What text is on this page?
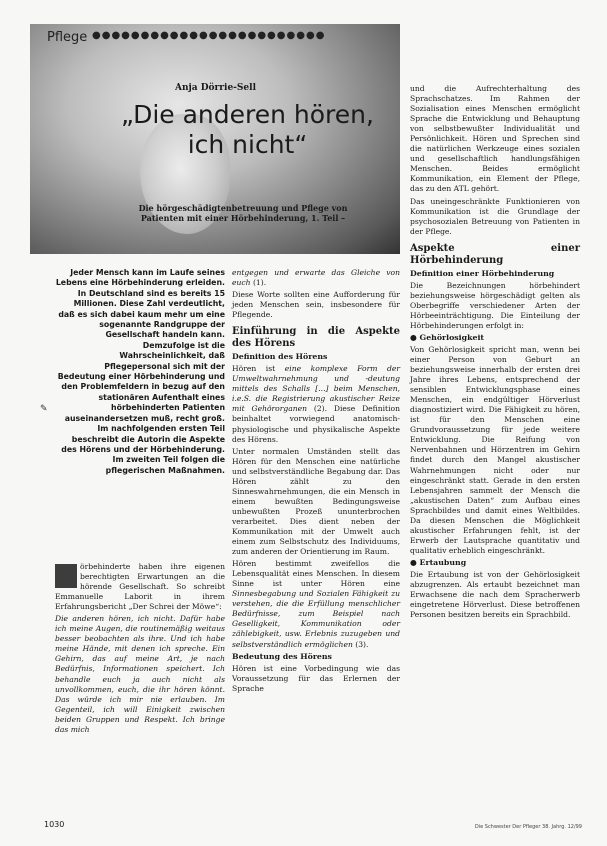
Pflege ●●●●●●●●●●●●●●●●●●●●●●●●
Anja Dörrie-Sell
„Die anderen hören,
ich nicht“
Die hörgeschädigtenbetreuung und Pflege von Patienten mit einer Hörbehinderung, 1. Teil –
✎
Jeder Mensch kann im Laufe seines Lebens eine Hörbehinderung erleiden. In Deutschland sind es bereits 15 Millionen. Diese Zahl verdeutlicht, daß es sich dabei kaum mehr um eine sogenannte Randgruppe der Gesellschaft handeln kann. Demzufolge ist die Wahrscheinlichkeit, daß Pflegepersonal sich mit der Bedeutung einer Hörbehinderung und den Problemfeldern in bezug auf den stationären Aufenthalt eines hörbehinderten Patienten auseinandersetzen muß, recht groß. Im nachfolgenden ersten Teil beschreibt die Autorin die Aspekte des Hörens und der Hörbehinderung. Im zweiten Teil folgen die pflegerischen Maßnahmen.

örbehinderte haben ihre eigenen berechtigten Erwartungen an die hörende Gesellschaft. So schreibt Emmanuelle Laborit in ihrem Erfahrungsbericht „Der Schrei der Möwe“:

Die anderen hören, ich nicht. Dafür habe ich meine Augen, die routinemäßig weitaus besser beobachten als ihre. Und ich habe meine Hände, mit denen ich spreche. Ein Gehirn, das auf meine Art, je nach Bedürfnis, Informationen speichert. Ich behandle euch ja auch nicht als unvollkommen, euch, die ihr hören könnt. Das würde ich mir nie erlauben. Im Gegenteil, ich will Einigkeit zwischen beiden Gruppen und Respekt. Ich bringe das mich

entgegen und erwarte das Gleiche von euch (1).

Diese Worte sollten eine Aufforderung für jeden Menschen sein, insbesondere für Pflegende.

Einführung in die Aspekte des Hörens
Definition des Hörens

Hören ist eine komplexe Form der Umweltwahrnehmung und -deutung mittels des Schalls [...] beim Menschen, i.e.S. die Registrierung akustischer Reize mit Gehörorganen (2). Diese Definition beinhaltet vorwiegend anatomisch-physiologische und physikalische Aspekte des Hörens.

Unter normalen Umständen stellt das Hören für den Menschen eine natürliche und selbstverständliche Begabung dar. Das Hören zählt zu den Sinneswahrnehmungen, die ein Mensch in einem bewußten Bedingungsweise unbewußten Prozeß ununterbrochen verarbeitet. Dies dient neben der Kommunikation mit der Umwelt auch einem zum Selbstschutz des Individuums, zum anderen der Orientierung im Raum.

Hören bestimmt zweifellos die Lebensqualität eines Menschen. In diesem Sinne ist unter Hören eine Sinnesbegabung und Sozialen Fähigkeit zu verstehen, die die Erfüllung menschlicher Bedürfnisse, zum Beispiel nach Geselligkeit, Kommunikation oder zählebigkeit, usw. Erlebnis zuzugeben und selbstverständlich ermöglichen (3).

Bedeutung des Hörens

Hören ist eine Vorbedingung wie das Voraussetzung für das Erlernen der Sprache

und die Aufrechterhaltung des Sprachschatzes. Im Rahmen der Sozialisation eines Menschen ermöglicht Sprache die Entwicklung und Behauptung von selbstbewußter Individualität und Persönlichkeit. Hören und Sprechen sind die natürlichen Werkzeuge eines sozialen und gesellschaftlich handlungsfähigen Menschen. Beides ermöglicht Kommunikation, ein Element der Pflege, das zu den ATL gehört.

Das uneingeschränkte Funktionieren von Kommunikation ist die Grundlage der psychosozialen Betreuung von Patienten in der Pflege.

Aspekte einer Hörbehinderung
Definition einer Hörbehinderung

Die Bezeichnungen hörbehindert beziehungsweise hörgeschädigt gelten als Oberbegriffe verschiedener Arten der Hörbeeinträchtigung. Die Einteilung der Hörbehinderungen erfolgt in:

● Gehörlosigkeit

Von Gehörlosigkeit spricht man, wenn bei einer Person von Geburt an beziehungsweise innerhalb der ersten drei Jahre ihres Lebens, entsprechend der sensiblen Entwicklungsphase eines Menschen, ein endgültiger Hörverlust diagnostiziert wird. Die Fähigkeit zu hören, ist für den Menschen eine Grundvoraussetzung für jede weitere Entwicklung. Die Reifung von Nervenbahnen und Hörzentren im Gehirn findet durch den Mangel akustischer Wahrnehmungen nicht oder nur eingeschränkt statt. Gerade in den ersten Lebensjahren sammelt der Mensch die „akustischen Daten“ zum Aufbau eines Sprachbildes und damit eines Weltbildes. Da diesen Menschen die Möglichkeit akustischer Erfahrungen fehlt, ist der Erwerb der Lautsprache quantitativ und qualitativ erheblich eingeschränkt.

● Ertaubung

Die Ertaubung ist von der Gehörlosigkeit abzugrenzen. Als ertaubt bezeichnet man Erwachsene die nach dem Spracherwerb eingetretene Hörverlust. Diese betroffenen Personen besitzen bereits ein Sprachbild.

1030	Die Schwester Der Pfleger 38. Jahrg. 12/99
